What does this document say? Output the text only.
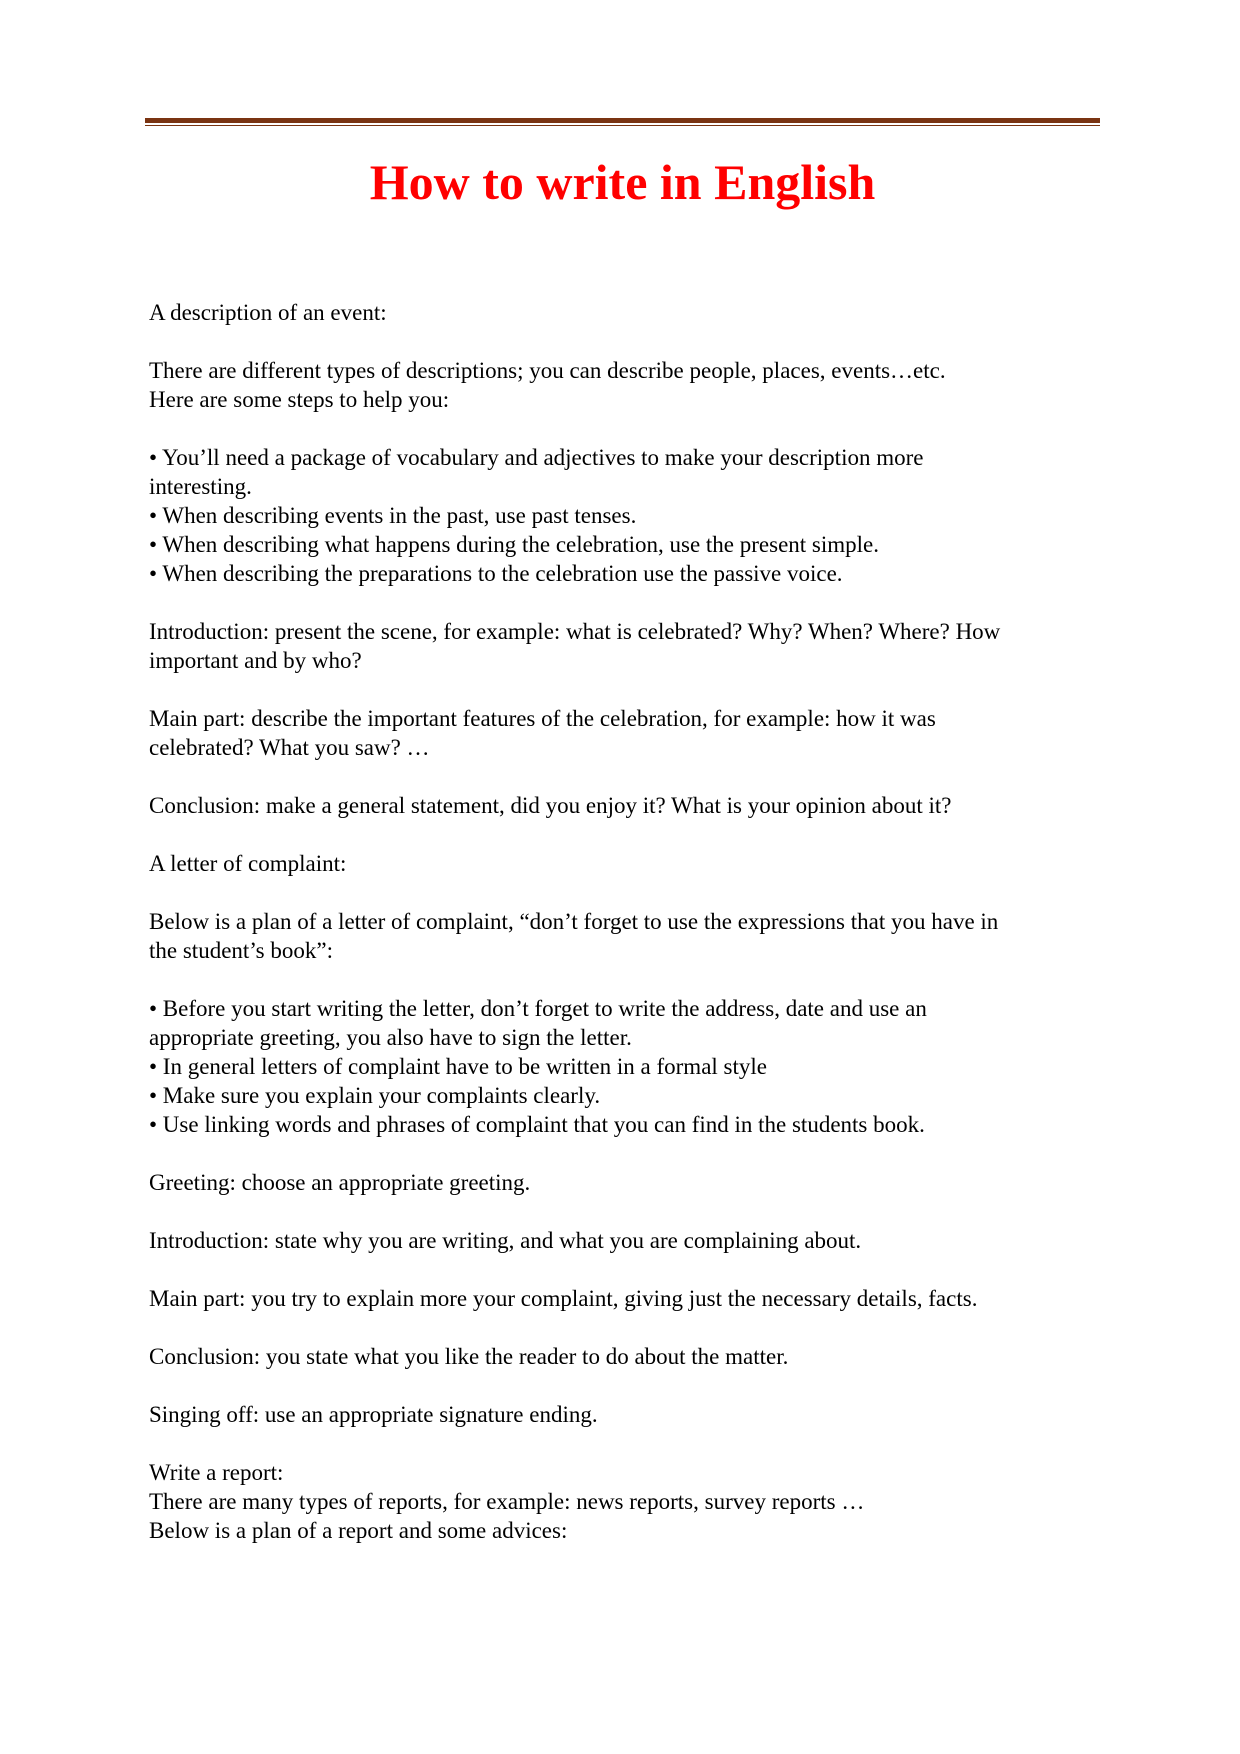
How to write in English
A description of an event:
There are different types of descriptions; you can describe people, places, events…etc.
Here are some steps to help you:
• You’ll need a package of vocabulary and adjectives to make your description more
interesting.
• When describing events in the past, use past tenses.
• When describing what happens during the celebration, use the present simple.
• When describing the preparations to the celebration use the passive voice.
Introduction: present the scene, for example: what is celebrated? Why? When? Where? How
important and by who?
Main part: describe the important features of the celebration, for example: how it was
celebrated? What you saw? …
Conclusion: make a general statement, did you enjoy it? What is your opinion about it?
A letter of complaint:
Below is a plan of a letter of complaint, “don’t forget to use the expressions that you have in
the student’s book”:
• Before you start writing the letter, don’t forget to write the address, date and use an
appropriate greeting, you also have to sign the letter.
• In general letters of complaint have to be written in a formal style
• Make sure you explain your complaints clearly.
• Use linking words and phrases of complaint that you can find in the students book.
Greeting: choose an appropriate greeting.
Introduction: state why you are writing, and what you are complaining about.
Main part: you try to explain more your complaint, giving just the necessary details, facts.
Conclusion: you state what you like the reader to do about the matter.
Singing off: use an appropriate signature ending.
Write a report:
There are many types of reports, for example: news reports, survey reports …
Below is a plan of a report and some advices:
